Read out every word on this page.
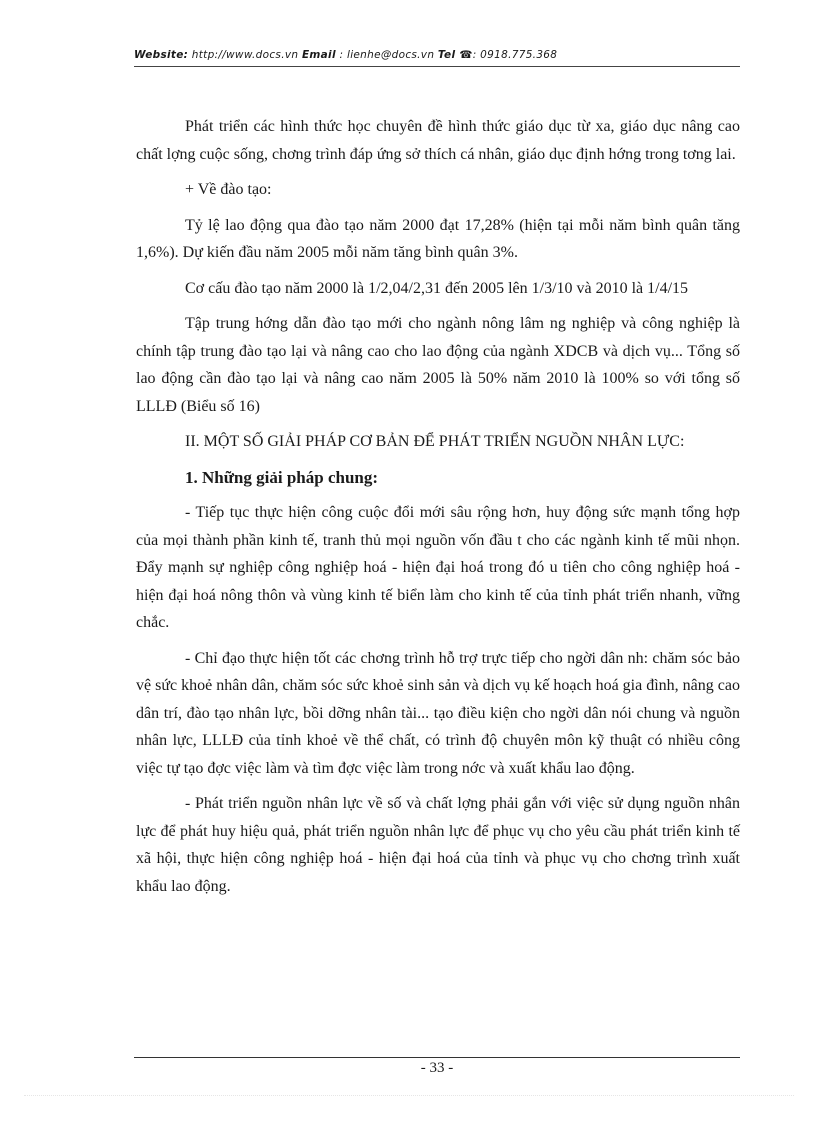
Website: http://www.docs.vn Email : lienhe@docs.vn Tel ☎: 0918.775.368

Phát triển các hình thức học chuyên đề hình thức giáo dục từ xa, giáo dục nâng cao chất lợng cuộc sống, chơng trình đáp ứng sở thích cá nhân, giáo dục định hớng trong tơng lai.

+ Về đào tạo:

Tỷ lệ lao động qua đào tạo năm 2000 đạt 17,28% (hiện tại mỗi năm bình quân tăng 1,6%). Dự kiến đầu năm 2005 mỗi năm tăng bình quân 3%.

Cơ cấu đào tạo năm 2000 là 1/2,04/2,31 đến 2005 lên 1/3/10 và 2010 là 1/4/15

Tập trung hớng dẫn đào tạo mới cho ngành nông lâm ng nghiệp và công nghiệp là chính tập trung đào tạo lại và nâng cao cho lao động của ngành XDCB và dịch vụ... Tổng số lao động cần đào tạo lại và nâng cao năm 2005 là 50% năm 2010 là 100% so với tổng số LLLĐ (Biểu số 16)

II. MỘT SỐ GIẢI PHÁP CƠ BẢN ĐỂ PHÁT TRIỂN NGUỒN NHÂN LỰC:

1. Những giải pháp chung:

- Tiếp tục thực hiện công cuộc đổi mới sâu rộng hơn, huy động sức mạnh tổng hợp của mọi thành phần kinh tế, tranh thủ mọi nguồn vốn đầu t cho các ngành kinh tế mũi nhọn. Đẩy mạnh sự nghiệp công nghiệp hoá - hiện đại hoá trong đó u tiên cho công nghiệp hoá - hiện đại hoá nông thôn và vùng kinh tế biển làm cho kinh tế của tỉnh phát triển nhanh, vững chắc.

- Chỉ đạo thực hiện tốt các chơng trình hỗ trợ trực tiếp cho ngời dân nh: chăm sóc bảo vệ sức khoẻ nhân dân, chăm sóc sức khoẻ sinh sản và dịch vụ kế hoạch hoá gia đình, nâng cao dân trí, đào tạo nhân lực, bồi dỡng nhân tài... tạo điều kiện cho ngời dân nói chung và nguồn nhân lực, LLLĐ của tỉnh khoẻ về thể chất, có trình độ chuyên môn kỹ thuật có nhiều công việc tự tạo đợc việc làm và tìm đợc việc làm trong nớc và xuất khẩu lao động.

- Phát triển nguồn nhân lực về số và chất lợng phải gắn với việc sử dụng nguồn nhân lực để phát huy hiệu quả, phát triển nguồn nhân lực để phục vụ cho yêu cầu phát triển kinh tế xã hội, thực hiện công nghiệp hoá - hiện đại hoá của tỉnh và phục vụ cho chơng trình xuất khẩu lao động.

- 33 -
